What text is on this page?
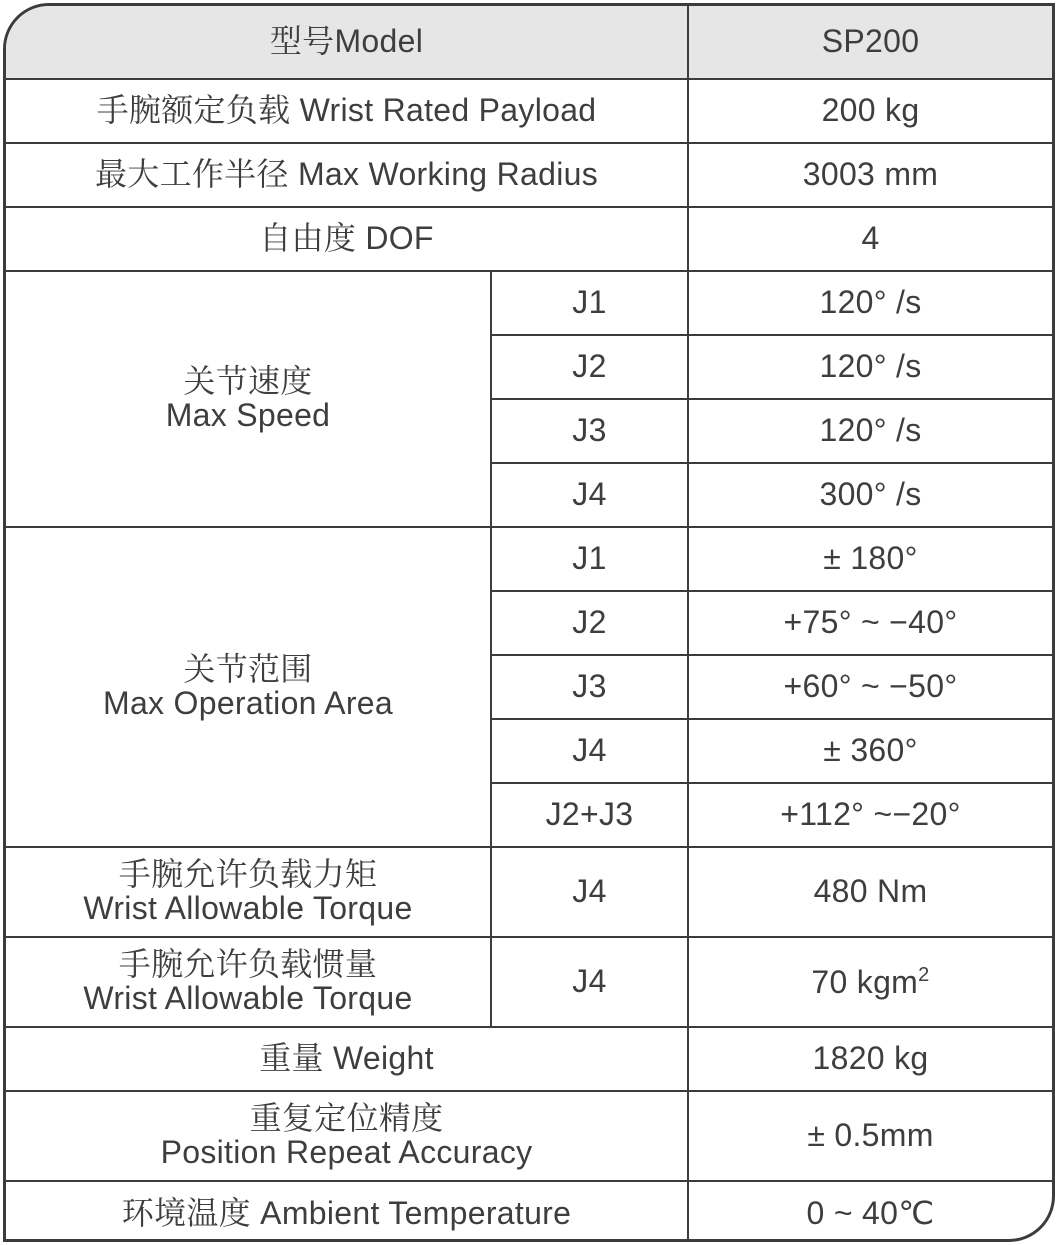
型号Model		SP200
手腕额定负载 Wrist Rated Payload		200 kg
最大工作半径 Max Working Radius		3003 mm
自由度 DOF		4

关节速度
Max Speed	J1	120° /s
	J2	120° /s
	J3	120° /s
	J4	300° /s

关节范围
Max Operation Area	J1	± 180°
	J2	+75° ~ −40°
	J3	+60° ~ −50°
	J4	± 360°
	J2+J3	+112° ~−20°

手腕允许负载力矩
Wrist Allowable Torque	J4	480 Nm

手腕允许负载惯量
Wrist Allowable Torque	J4	70 kgm$^2$
重量 Weight		1820 kg

重复定位精度
Position Repeat Accuracy		± 0.5mm
环境温度 Ambient Temperature		0 ~ 40℃
